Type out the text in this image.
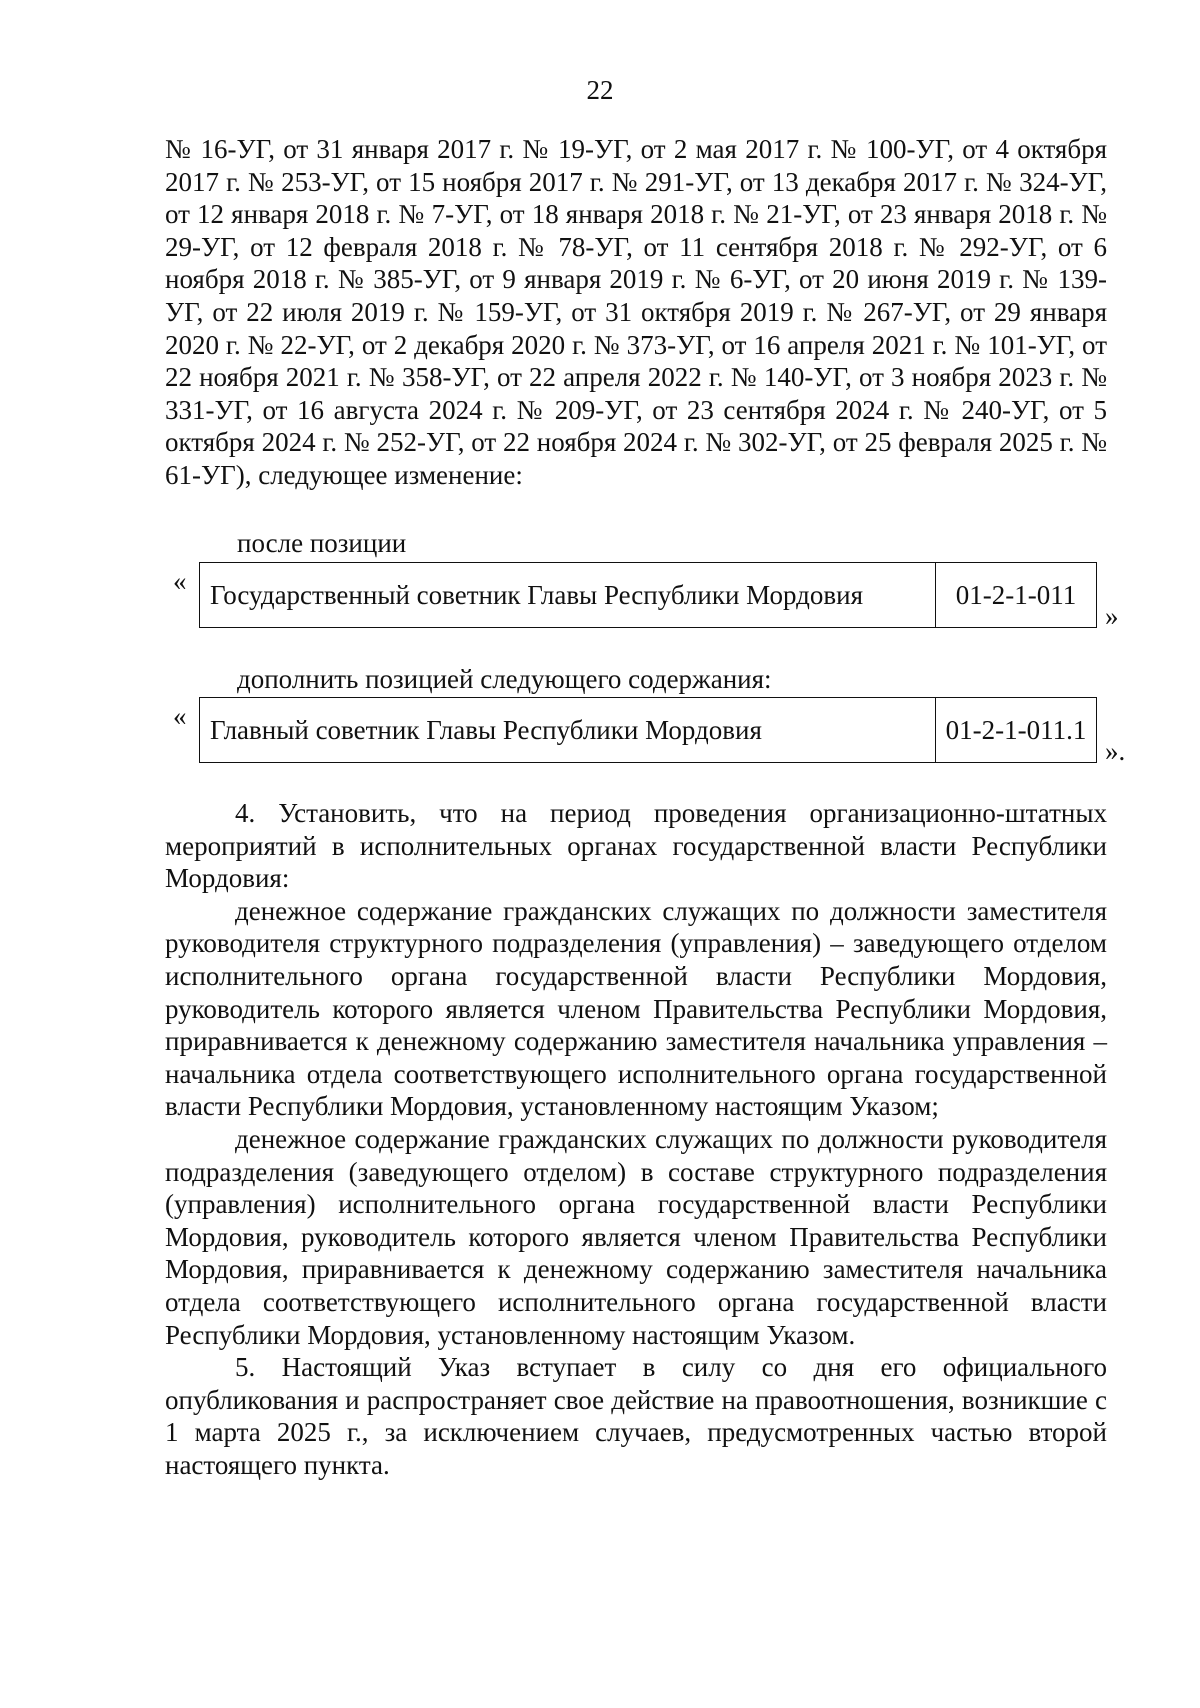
22

№ 16-УГ, от 31 января 2017 г. № 19-УГ, от 2 мая 2017 г. № 100-УГ, от 4 октября 2017 г. № 253-УГ, от 15 ноября 2017 г. № 291-УГ, от 13 декабря 2017 г. № 324-УГ, от 12 января 2018 г. № 7-УГ, от 18 января 2018 г. № 21-УГ, от 23 января 2018 г. № 29-УГ, от 12 февраля 2018 г. № 78-УГ, от 11 сентября 2018 г. № 292-УГ, от 6 ноября 2018 г. № 385-УГ, от 9 января 2019 г. № 6-УГ, от 20 июня 2019 г. № 139-УГ, от 22 июля 2019 г. № 159-УГ, от 31 октября 2019 г. № 267-УГ, от 29 января 2020 г. № 22-УГ, от 2 декабря 2020 г. № 373-УГ, от 16 апреля 2021 г. № 101-УГ, от 22 ноября 2021 г. № 358-УГ, от 22 апреля 2022 г. № 140-УГ, от 3 ноября 2023 г. № 331-УГ, от 16 августа 2024 г. № 209-УГ, от 23 сентября 2024 г. № 240-УГ, от 5 октября 2024 г. № 252-УГ, от 22 ноября 2024 г. № 302-УГ, от 25 февраля 2025 г. № 61-УГ), следующее изменение:

после позиции
« Государственный советник Главы Республики Мордовия	01-2-1-011
»
дополнить позицией следующего содержания:
« Главный советник Главы Республики Мордовия	01-2-1-011.1
».

4. Установить, что на период проведения организационно-штатных мероприятий в исполнительных органах государственной власти Республики Мордовия:

денежное содержание гражданских служащих по должности заместителя руководителя структурного подразделения (управления) – заведующего отделом исполнительного органа государственной власти Республики Мордовия, руководитель которого является членом Правительства Республики Мордовия, приравнивается к денежному содержанию заместителя начальника управления – начальника отдела соответствующего исполнительного органа государственной власти Республики Мордовия, установленному настоящим Указом;

денежное содержание гражданских служащих по должности руководителя подразделения (заведующего отделом) в составе структурного подразделения (управления) исполнительного органа государственной власти Республики Мордовия, руководитель которого является членом Правительства Республики Мордовия, приравнивается к денежному содержанию заместителя начальника отдела соответствующего исполнительного органа государственной власти Республики Мордовия, установленному настоящим Указом.

5. Настоящий Указ вступает в силу со дня его официального опубликования и распространяет свое действие на правоотношения, возникшие с 1 марта 2025 г., за исключением случаев, предусмотренных частью второй настоящего пункта.
